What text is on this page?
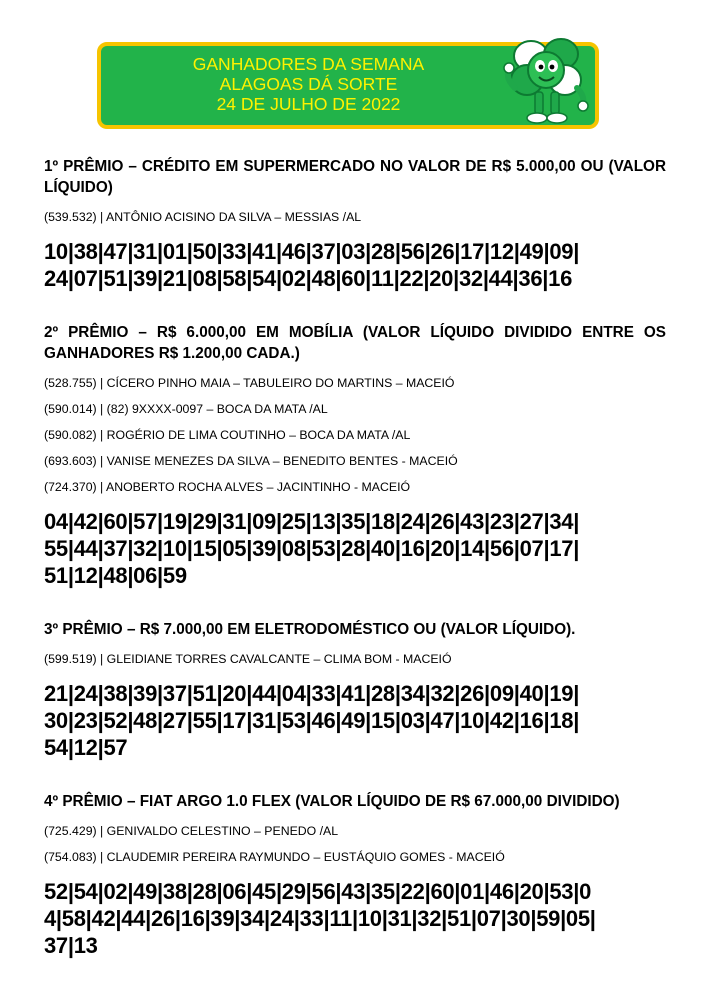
GANHADORES DA SEMANA
ALAGOAS DÁ SORTE
24 DE JULHO DE 2022

1º PRÊMIO – CRÉDITO EM SUPERMERCADO NO VALOR DE R$ 5.000,00 OU (VALOR LÍQUIDO)

(539.532) | ANTÔNIO ACISINO DA SILVA – MESSIAS /AL

10|38|47|31|01|50|33|41|46|37|03|28|56|26|17|12|49|09|
24|07|51|39|21|08|58|54|02|48|60|11|22|20|32|44|36|16

2º PRÊMIO – R$ 6.000,00 EM MOBÍLIA (VALOR LÍQUIDO DIVIDIDO ENTRE OS GANHADORES R$ 1.200,00 CADA.)

(528.755) | CÍCERO PINHO MAIA – TABULEIRO DO MARTINS – MACEIÓ

(590.014) | (82) 9XXXX-0097 – BOCA DA MATA /AL

(590.082) | ROGÉRIO DE LIMA COUTINHO – BOCA DA MATA /AL

(693.603) | VANISE MENEZES DA SILVA – BENEDITO BENTES - MACEIÓ

(724.370) | ANOBERTO ROCHA ALVES – JACINTINHO - MACEIÓ

04|42|60|57|19|29|31|09|25|13|35|18|24|26|43|23|27|34|
55|44|37|32|10|15|05|39|08|53|28|40|16|20|14|56|07|17|
51|12|48|06|59

3º PRÊMIO – R$ 7.000,00 EM ELETRODOMÉSTICO OU (VALOR LÍQUIDO).

(599.519) | GLEIDIANE TORRES CAVALCANTE – CLIMA BOM - MACEIÓ

21|24|38|39|37|51|20|44|04|33|41|28|34|32|26|09|40|19|
30|23|52|48|27|55|17|31|53|46|49|15|03|47|10|42|16|18|
54|12|57

4º PRÊMIO – FIAT ARGO 1.0 FLEX (VALOR LÍQUIDO DE R$ 67.000,00 DIVIDIDO)

(725.429) | GENIVALDO CELESTINO – PENEDO /AL

(754.083) | CLAUDEMIR PEREIRA RAYMUNDO – EUSTÁQUIO GOMES - MACEIÓ

52|54|02|49|38|28|06|45|29|56|43|35|22|60|01|46|20|53|0
4|58|42|44|26|16|39|34|24|33|11|10|31|32|51|07|30|59|05|
37|13
